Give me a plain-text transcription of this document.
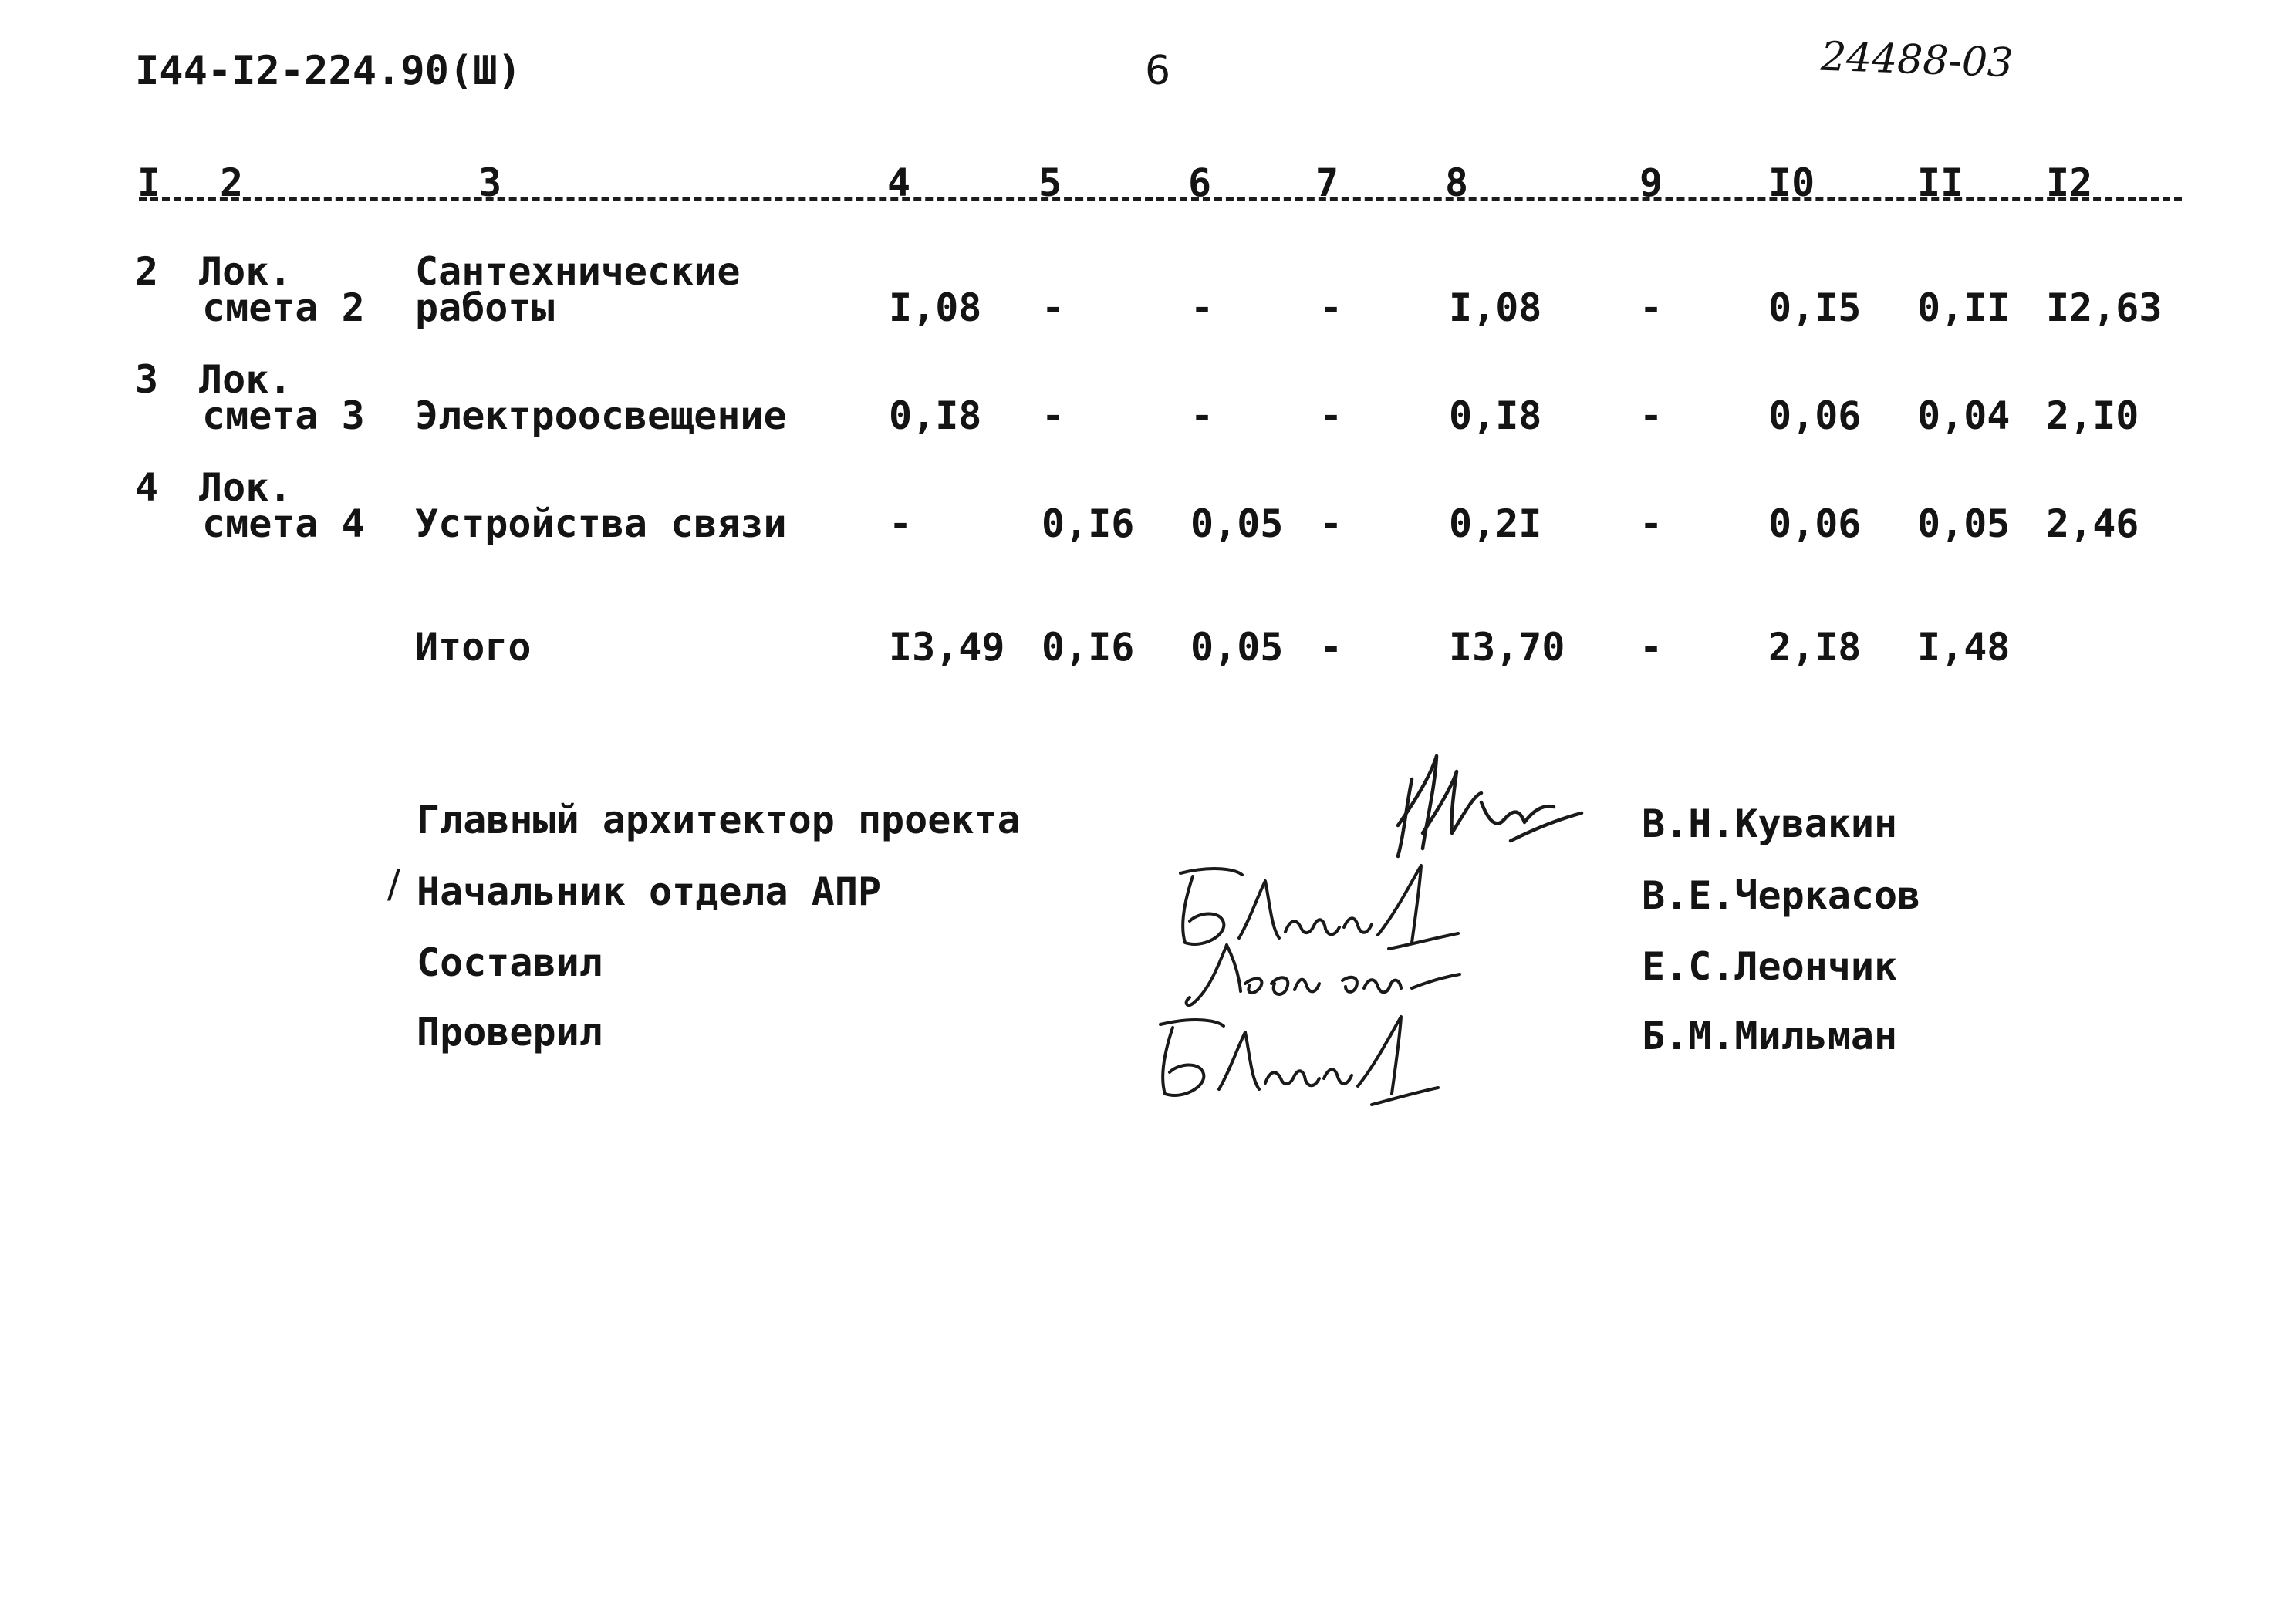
I44-I2-224.90(Ш)	6	24488-03
I 2	3	4	5	6	7	8	9	I0	II I2
2 Лок.
смета 2
Сантехнические
работы	I,08 -	-	-	I,08	-	0,I5 0,II I2,63
3 Лок.
смета 3 Электроосвещение	0,I8 -	-	-	0,I8	-	0,06 0,04 2,I0
4 Лок.
смета 4 Устройства связи	-	0,I6 0,05 -	0,2I	-	0,06 0,05 2,46
Итого	I3,49 0,I6 0,05 -	I3,70 -	2,I8 I,48
Главный архитектор проекта	В.Н.Кувакин
/ Начальник отдела АПР	В.Е.Черкасов
Составил	Е.С.Леончик
Проверил	Б.М.Мильман
